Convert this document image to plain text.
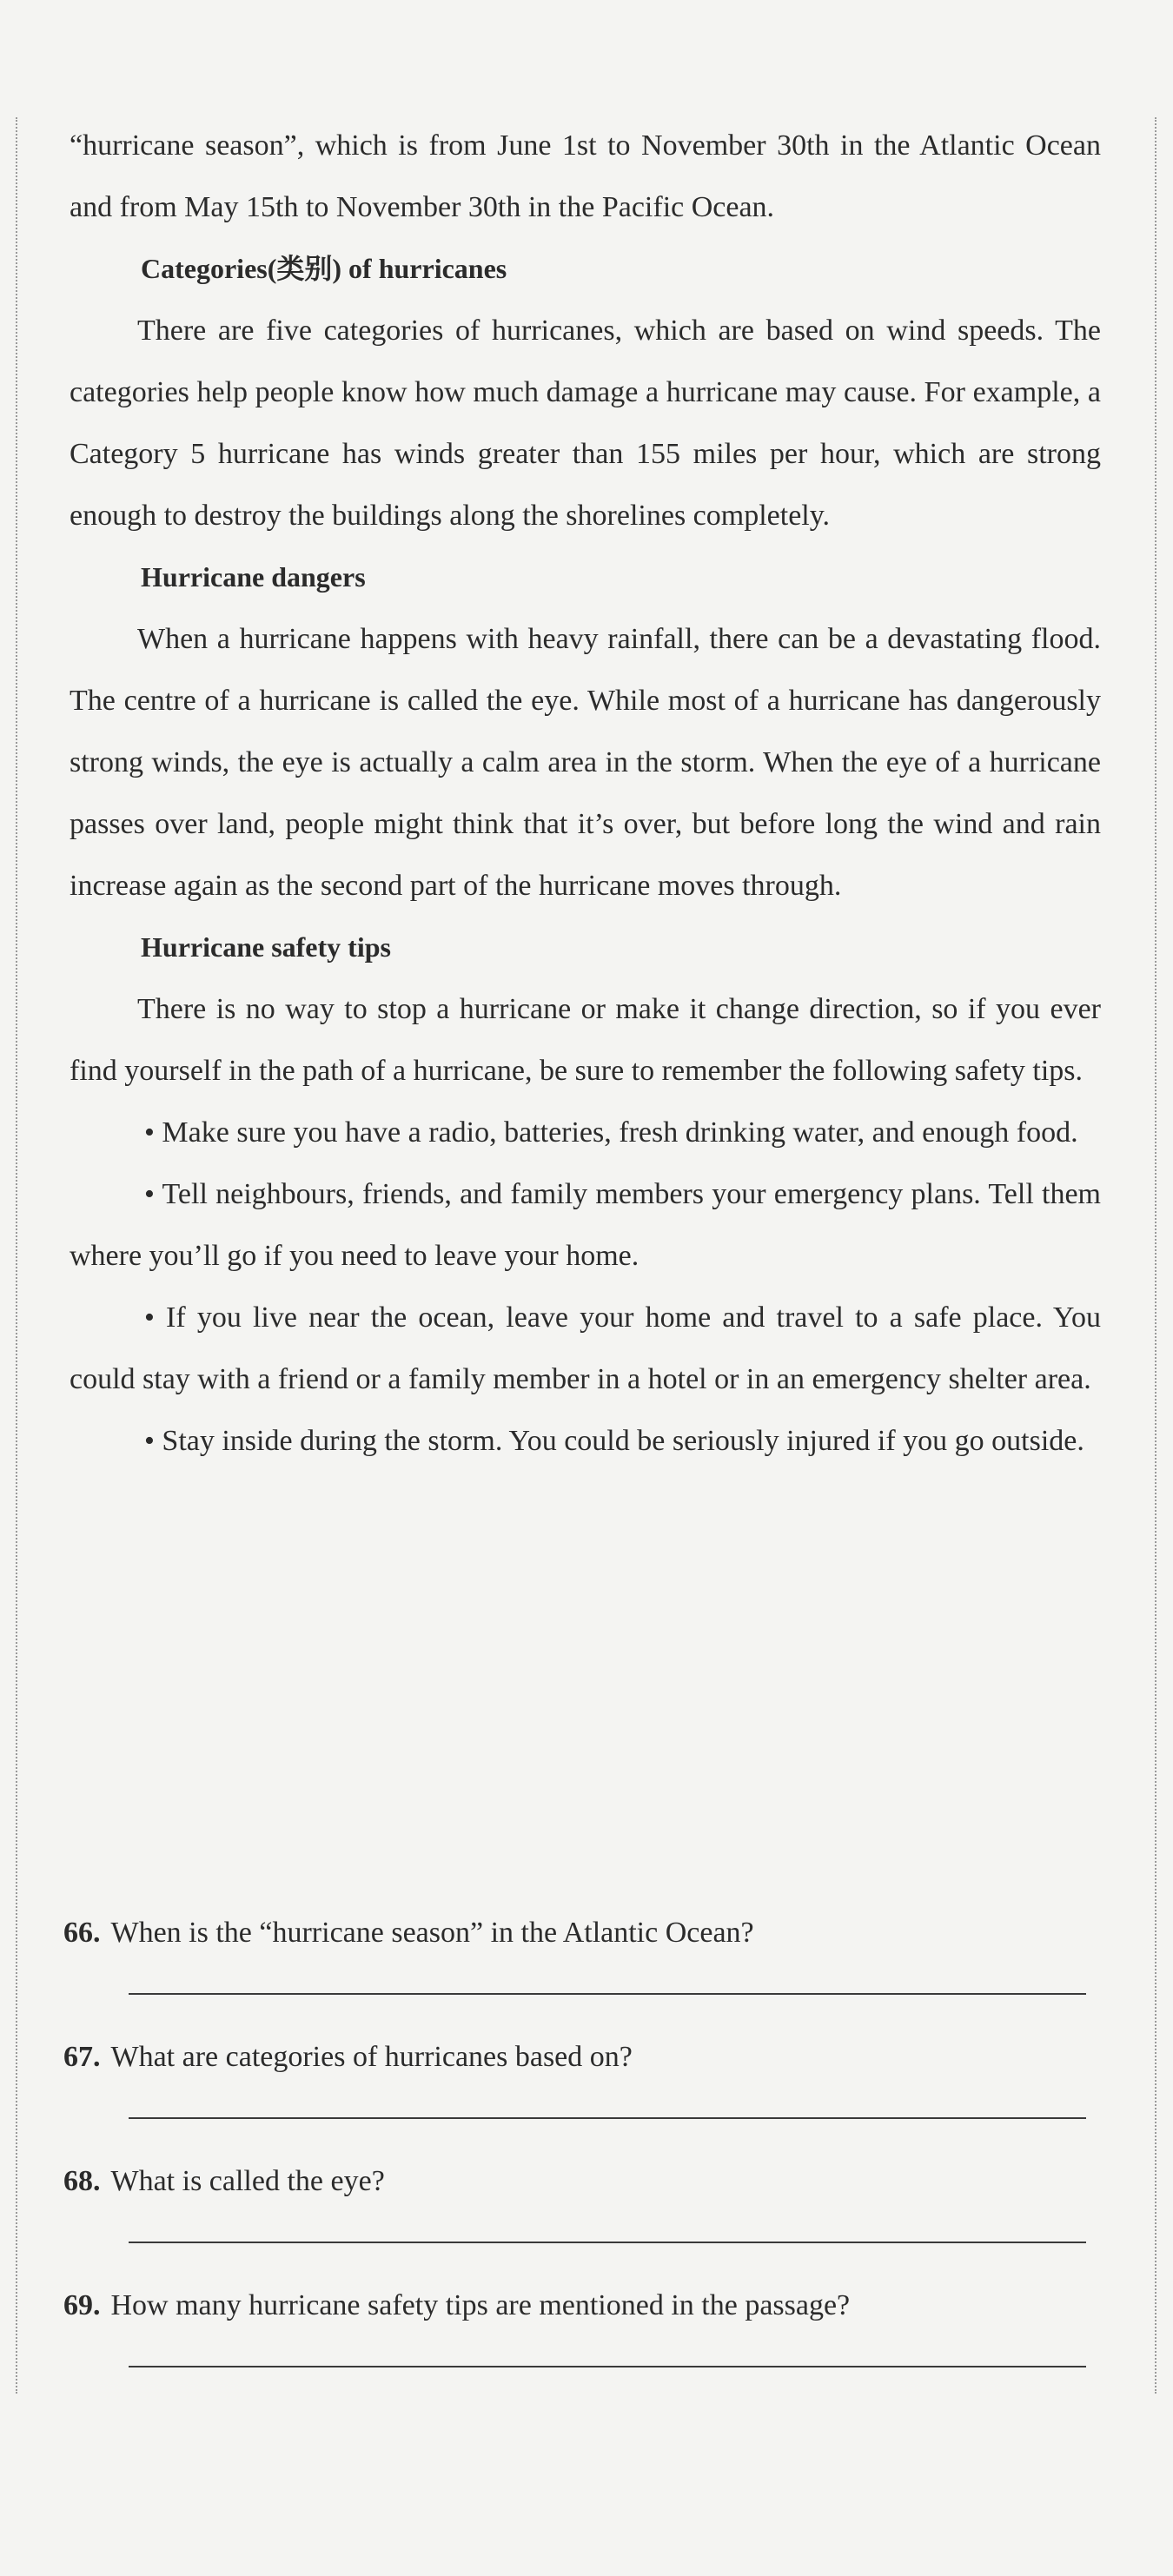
“hurricane season”, which is from June 1st to November 30th in the Atlantic Ocean and from May 15th to November 30th in the Pacific Ocean.

Categories(类别) of hurricanes

There are five categories of hurricanes, which are based on wind speeds. The categories help people know how much damage a hurricane may cause. For example, a Category 5 hurricane has winds greater than 155 miles per hour, which are strong enough to destroy the buildings along the shorelines completely.

Hurricane dangers

When a hurricane happens with heavy rainfall, there can be a devastating flood. The centre of a hurricane is called the eye. While most of a hurricane has dangerously strong winds, the eye is actually a calm area in the storm. When the eye of a hurricane passes over land, people might think that it’s over, but before long the wind and rain increase again as the second part of the hurricane moves through.

Hurricane safety tips

There is no way to stop a hurricane or make it change direction, so if you ever find yourself in the path of a hurricane, be sure to remember the following safety tips.

• Make sure you have a radio, batteries, fresh drinking water, and enough food.

• Tell neighbours, friends, and family members your emergency plans. Tell them where you’ll go if you need to leave your home.

• If you live near the ocean, leave your home and travel to a safe place. You could stay with a friend or a family member in a hotel or in an emergency shelter area.

• Stay inside during the storm. You could be seriously injured if you go outside.

66. When is the “hurricane season” in the Atlantic Ocean?
67. What are categories of hurricanes based on?
68. What is called the eye?
69. How many hurricane safety tips are mentioned in the passage?
